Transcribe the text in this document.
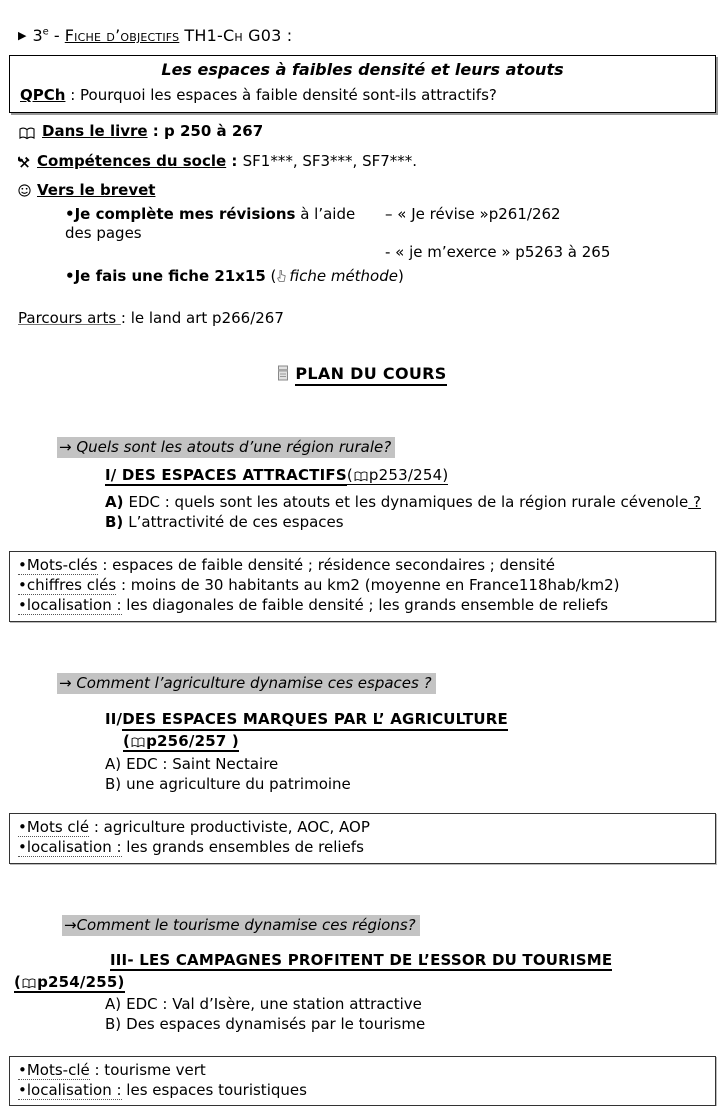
▶ 3e - Fiche d’objectifs TH1-Ch G03 :
Les espaces à faibles densité et leurs atouts
QPCh : Pourquoi les espaces à faible densité sont-ils attractifs?
Dans le livre : p 250 à 267
Compétences du socle : SF1***, SF3***, SF7***.
Vers le brevet
•Je complète mes révisions à l’aide des pages
– « Je révise »p261/262
- « je m’exerce » p5263 à 265
•Je fais une fiche 21x15 ( fiche méthode)
Parcours arts : le land art p266/267
PLAN DU COURS
→ Quels sont les atouts d’une région rurale?
I/ DES ESPACES ATTRACTIFS( p253/254)
A) EDC : quels sont les atouts et les dynamiques de la région rurale cévenole ?
B) L’attractivité de ces espaces
•Mots-clés : espaces de faible densité ; résidence secondaires ; densité
•chiffres clés : moins de 30 habitants au km2 (moyenne en France118hab/km2)
•localisation : les diagonales de faible densité ; les grands ensemble de reliefs
→ Comment l’agriculture dynamise ces espaces ?
II/DES ESPACES MARQUES PAR L’ AGRICULTURE
( p256/257 )
A) EDC : Saint Nectaire
B) une agriculture du patrimoine
•Mots clé : agriculture productiviste, AOC, AOP
•localisation : les grands ensembles de reliefs
→Comment le tourisme dynamise ces régions?
III- LES CAMPAGNES PROFITENT DE L’ESSOR DU TOURISME
( p254/255)
A) EDC : Val d’Isère, une station attractive
B) Des espaces dynamisés par le tourisme
•Mots-clé : tourisme vert
•localisation : les espaces touristiques
